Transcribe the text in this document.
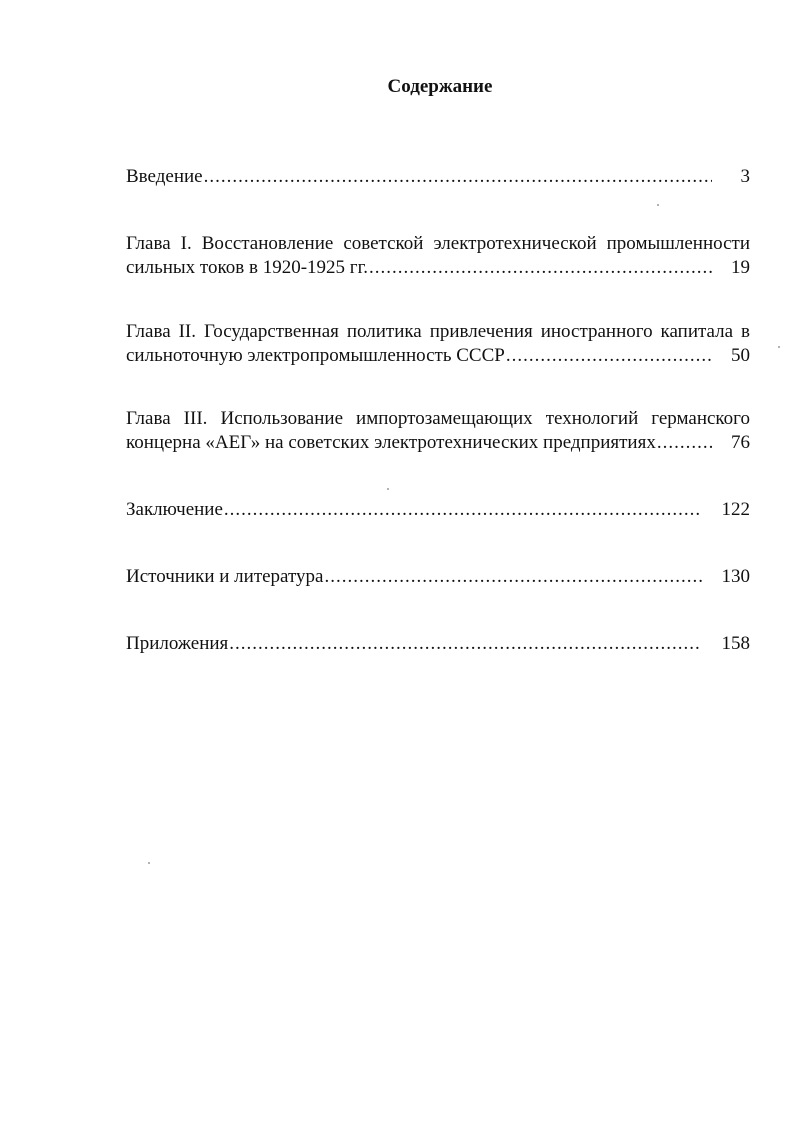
Содержание
Введение .....	3
Глава I. Восстановление советской электротехнической промышленности
сильных токов в 1920-1925 гг. .....	19
Глава II. Государственная политика привлечения иностранного капитала в
сильноточную электропромышленность СССР .....	50
Глава III. Использование импортозамещающих технологий германского
концерна «АЕГ» на советских электротехнических предприятиях .....	76
Заключение .....	122
Источники и литература .....	130
Приложения .....	158
